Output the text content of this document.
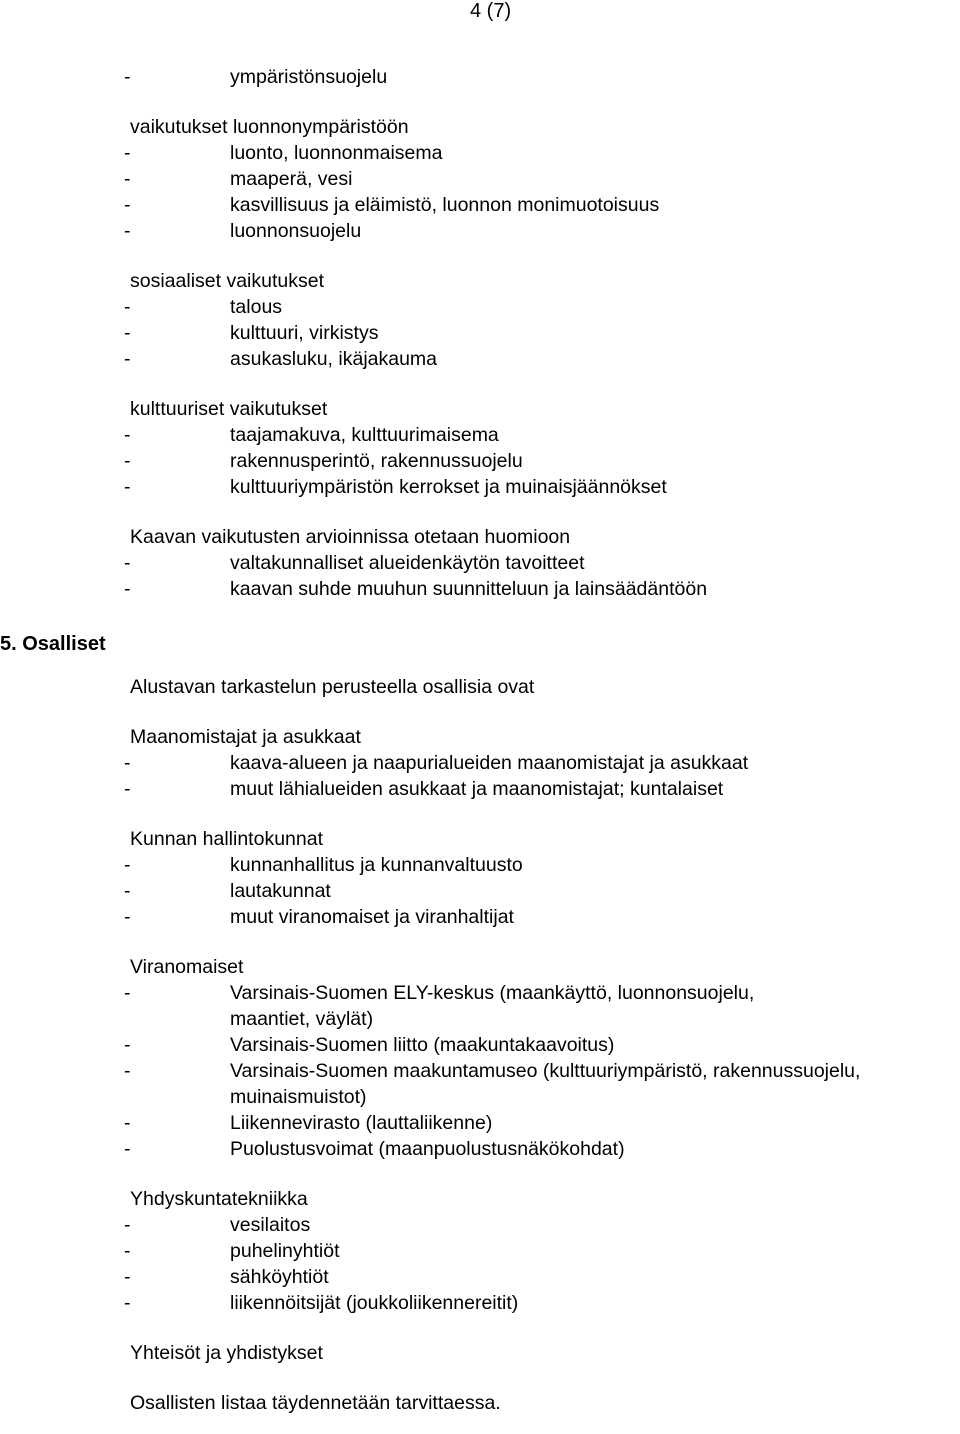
4 (7)
5. Osalliset
-	ympäristönsuojelu
vaikutukset luonnonympäristöön
-	luonto, luonnonmaisema
-	maaperä, vesi
-	kasvillisuus ja eläimistö, luonnon monimuotoisuus
-	luonnonsuojelu
sosiaaliset vaikutukset
-	talous
-	kulttuuri, virkistys
-	asukasluku, ikäjakauma
kulttuuriset vaikutukset
-	taajamakuva, kulttuurimaisema
-	rakennusperintö, rakennussuojelu
-	kulttuuriympäristön kerrokset ja muinaisjäännökset
Kaavan vaikutusten arvioinnissa otetaan huomioon
-	valtakunnalliset alueidenkäytön tavoitteet
-	kaavan suhde muuhun suunnitteluun ja lainsäädäntöön
Alustavan tarkastelun perusteella osallisia ovat
Maanomistajat ja asukkaat
-	kaava-alueen ja naapurialueiden maanomistajat ja asukkaat
-	muut lähialueiden asukkaat ja maanomistajat; kuntalaiset
Kunnan hallintokunnat
-	kunnanhallitus ja kunnanvaltuusto
-	lautakunnat
-	muut viranomaiset ja viranhaltijat
Viranomaiset
-	Varsinais-Suomen ELY-keskus (maankäyttö, luonnonsuojelu,
maantiet, väylät)
-	Varsinais-Suomen liitto (maakuntakaavoitus)
-	Varsinais-Suomen maakuntamuseo (kulttuuriympäristö, rakennussuojelu,
muinaismuistot)
-	Liikennevirasto (lauttaliikenne)
-	Puolustusvoimat (maanpuolustusnäkökohdat)
Yhdyskuntatekniikka
-	vesilaitos
-	puhelinyhtiöt
-	sähköyhtiöt
-	liikennöitsijät (joukkoliikennereitit)
Yhteisöt ja yhdistykset
Osallisten listaa täydennetään tarvittaessa.
